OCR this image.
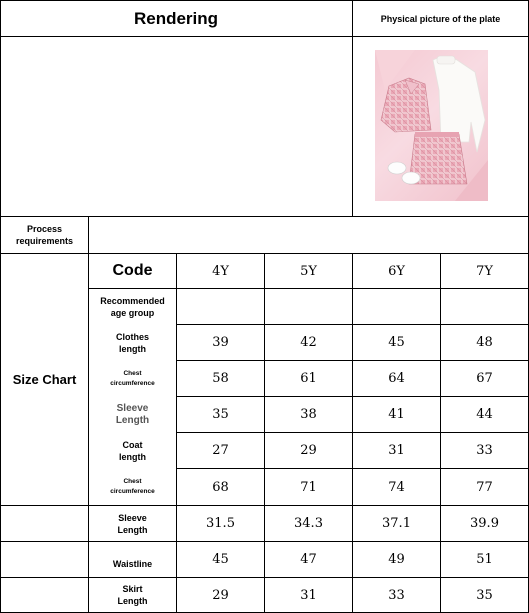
Rendering	Physical picture of the plate
Process
requirements
Size Chart
Code	4Y	5Y	6Y	7Y
Recommended
age group
Clothes
length	39	42	45	48
Chest
circumference	58	61	64	67
Sleeve
Length	35	38	41	44
Coat
length	27	29	31	33
Chest
circumference	68	71	74	77
Sleeve
Length	31.5	34.3	37.1	39.9
Waistline	45	47	49	51
Skirt
Length	29	31	33	35
